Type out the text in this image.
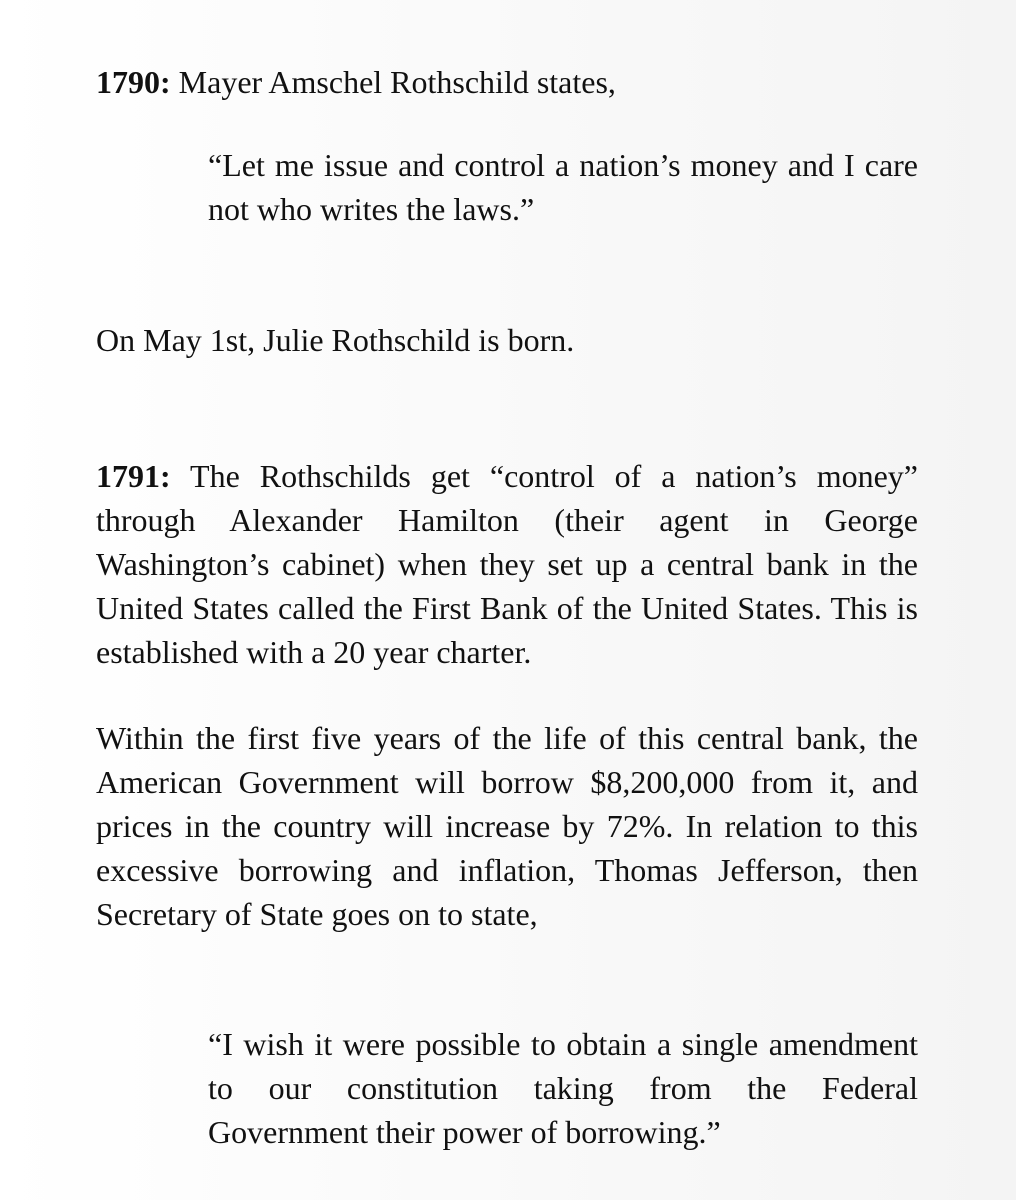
1790: Mayer Amschel Rothschild states,

“Let me issue and control a nation’s money and I care not who writes the laws.”

On May 1st, Julie Rothschild is born.

1791: The Rothschilds get “control of a nation’s money” through Alexander Hamilton (their agent in George Washington’s cabinet) when they set up a central bank in the United States called the First Bank of the United States. This is established with a 20 year charter.

Within the first five years of the life of this central bank, the American Government will borrow $8,200,000 from it, and prices in the country will increase by 72%. In relation to this excessive borrowing and inflation, Thomas Jefferson, then Secretary of State goes on to state,

“I wish it were possible to obtain a single amendment to our constitution taking from the Federal Government their power of borrowing.”
